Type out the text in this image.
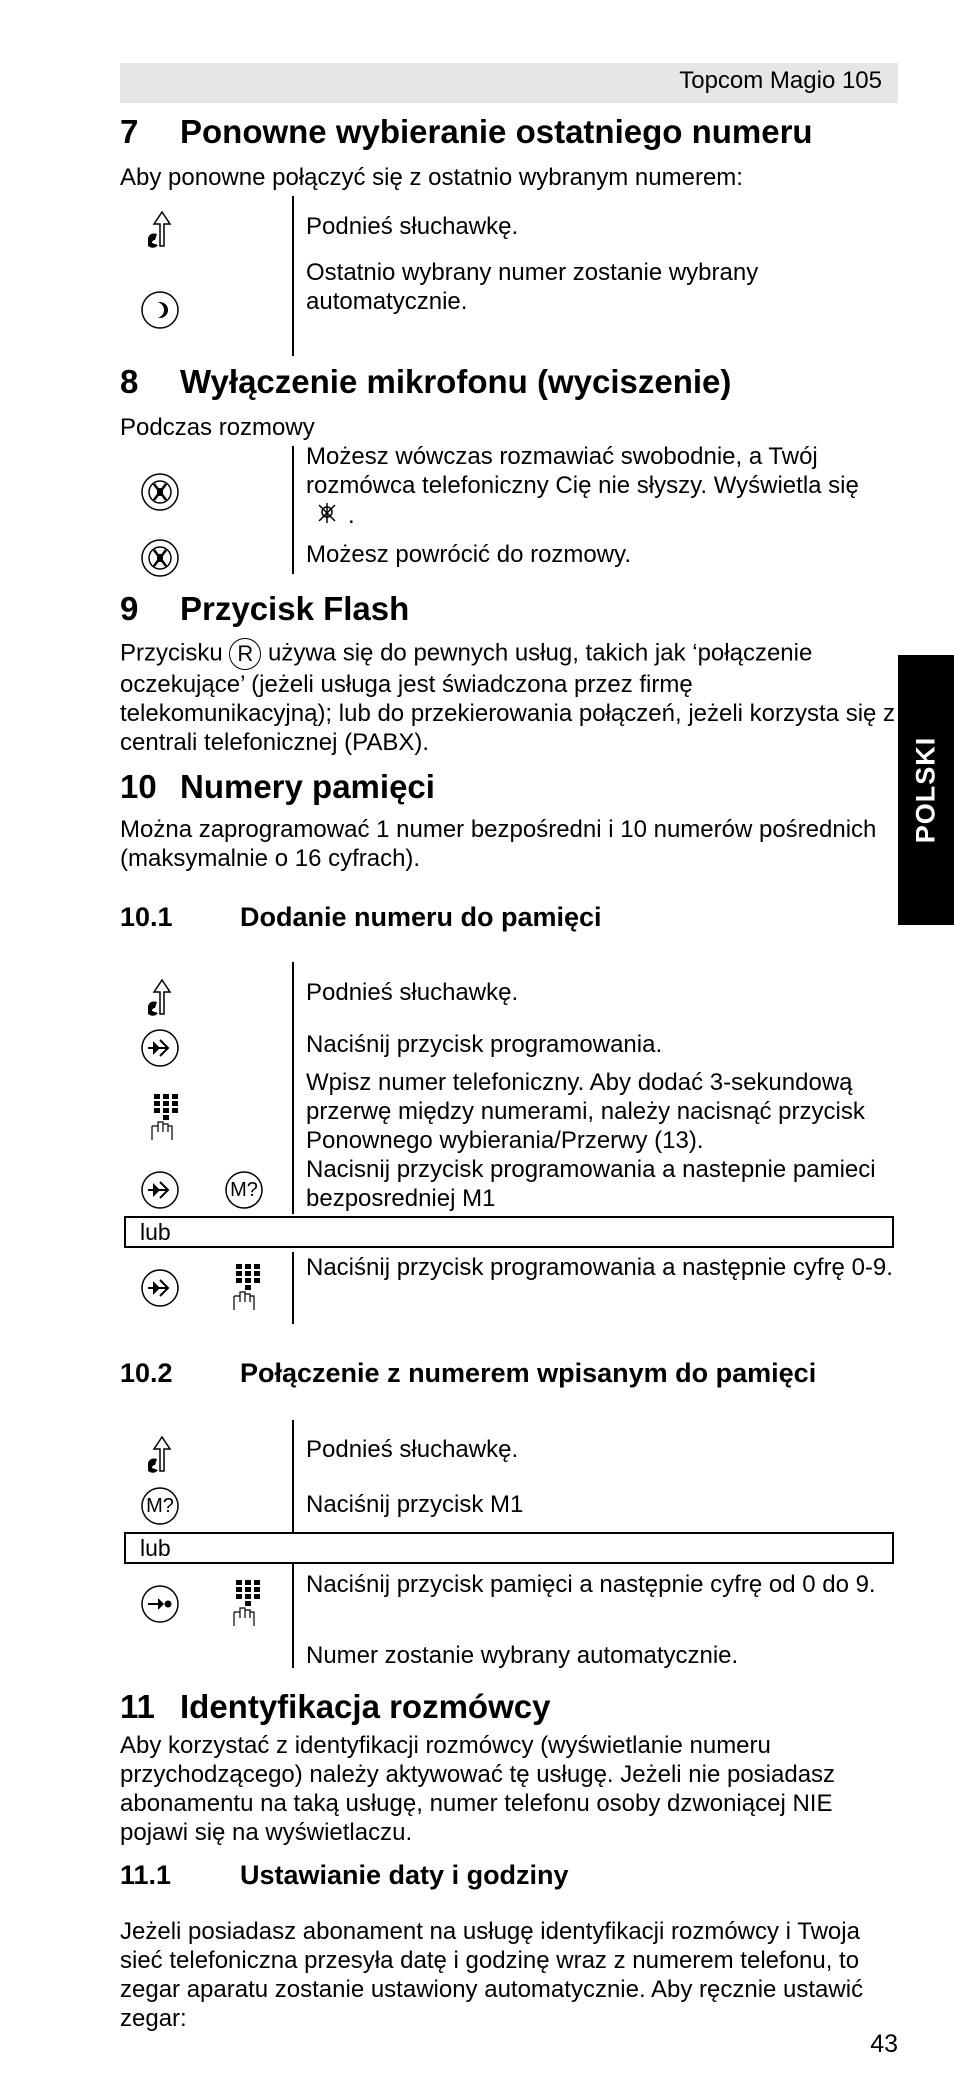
Topcom Magio 105
POLSKI
7 Ponowne wybieranie ostatniego numeru
Aby ponowne połączyć się z ostatnio wybranym numerem:
Podnieś słuchawkę.
Ostatnio wybrany numer zostanie wybrany automatycznie.
8 Wyłączenie mikrofonu (wyciszenie)
Podczas rozmowy
Możesz wówczas rozmawiać swobodnie, a Twój rozmówca telefoniczny Cię nie słyszy. Wyświetla się
.
Możesz powrócić do rozmowy.
9 Przycisk Flash
Przycisku R używa się do pewnych usług, takich jak ‘połączenie oczekujące’ (jeżeli usługa jest świadczona przez firmę telekomunikacyjną); lub do przekierowania połączeń, jeżeli korzysta się z centrali telefonicznej (PABX).
10 Numery pamięci
Można zaprogramować 1 numer bezpośredni i 10 numerów pośrednich (maksymalnie o 16 cyfrach).
10.1 Dodanie numeru do pamięci
Podnieś słuchawkę.
Naciśnij przycisk programowania.
Wpisz numer telefoniczny. Aby dodać 3-sekundową przerwę między numerami, należy nacisnąć przycisk Ponownego wybierania/Przerwy (13).
M?
Nacisnij przycisk programowania a nastepnie pamieci bezposredniej M1
lub
Naciśnij przycisk programowania a następnie cyfrę 0-9.
10.2 Połączenie z numerem wpisanym do pamięci
Podnieś słuchawkę.
M?	Naciśnij przycisk M1
lub
Naciśnij przycisk pamięci a następnie cyfrę od 0 do 9.
Numer zostanie wybrany automatycznie.
11 Identyfikacja rozmówcy
Aby korzystać z identyfikacji rozmówcy (wyświetlanie numeru przychodzącego) należy aktywować tę usługę. Jeżeli nie posiadasz abonamentu na taką usługę, numer telefonu osoby dzwoniącej NIE pojawi się na wyświetlaczu.
11.1	Ustawianie daty i godziny
Jeżeli posiadasz abonament na usługę identyfikacji rozmówcy i Twoja sieć telefoniczna przesyła datę i godzinę wraz z numerem telefonu, to zegar aparatu zostanie ustawiony automatycznie. Aby ręcznie ustawić zegar:
43
